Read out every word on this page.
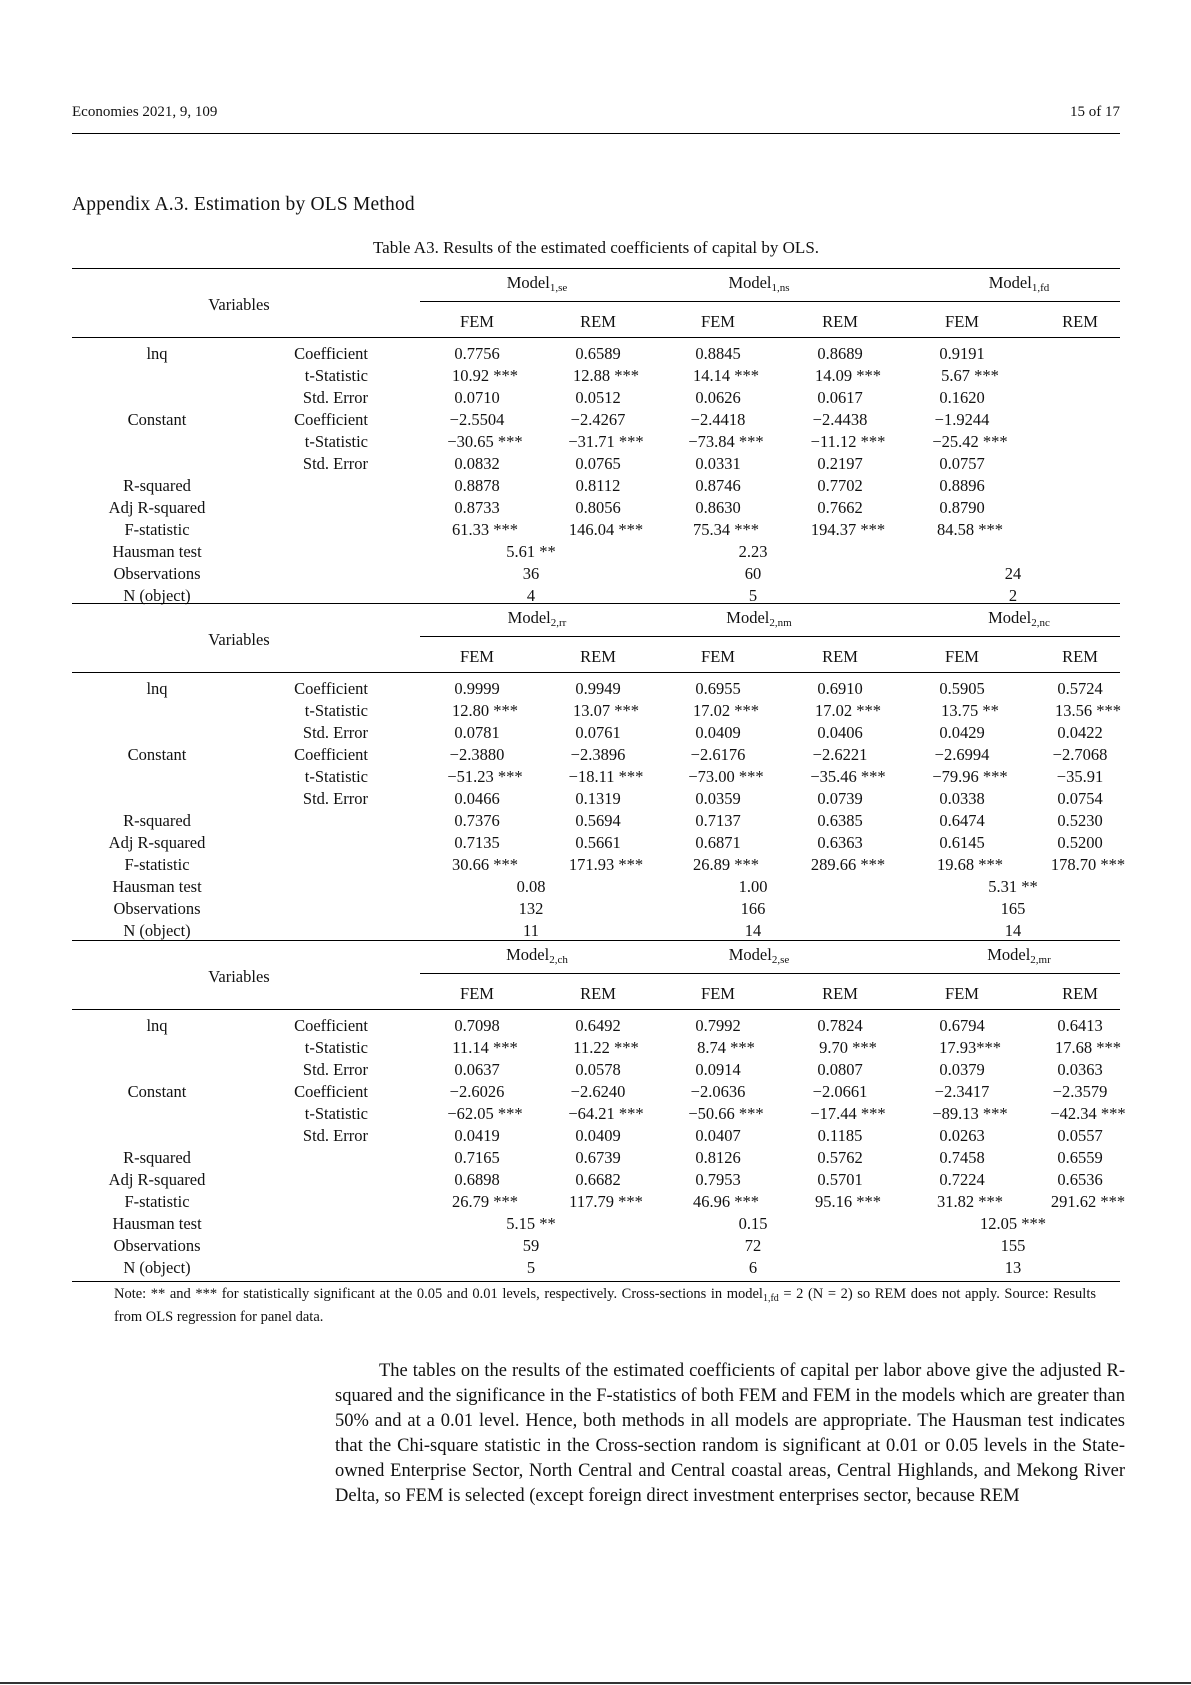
Economies 2021, 9, 109	15 of 17
Appendix A.3. Estimation by OLS Method
Table A3. Results of the estimated coefficients of capital by OLS.
Variables
Model$_{1,se}$	Model$_{1,ns}$	Model$_{1,fd}$
FEM	REM	FEM	REM	FEM	REM
lnq	Coefficient	0.7756	0.6589	0.8845	0.8689	0.9191
t-Statistic	10.92 ***	12.88 ***	14.14 ***	14.09 ***	5.67 ***
Std. Error	0.0710	0.0512	0.0626	0.0617	0.1620
Constant	Coefficient	−2.5504	−2.4267	−2.4418	−2.4438	−1.9244
t-Statistic	−30.65 ***	−31.71 ***	−73.84 ***	−11.12 ***	−25.42 ***
Std. Error	0.0832	0.0765	0.0331	0.2197	0.0757
R-squared	0.8878	0.8112	0.8746	0.7702	0.8896
Adj R-squared	0.8733	0.8056	0.8630	0.7662	0.8790
F-statistic	61.33 ***	146.04 ***	75.34 ***	194.37 ***	84.58 ***
Hausman test	5.61 **	2.23
Observations	36	60	24
N (object)	4	5	2
Variables
Model$_{2,rr}$	Model$_{2,nm}$	Model$_{2,nc}$
FEM	REM	FEM	REM	FEM	REM
lnq	Coefficient	0.9999	0.9949	0.6955	0.6910	0.5905	0.5724
t-Statistic	12.80 ***	13.07 ***	17.02 ***	17.02 ***	13.75 **	13.56 ***
Std. Error	0.0781	0.0761	0.0409	0.0406	0.0429	0.0422
Constant	Coefficient	−2.3880	−2.3896	−2.6176	−2.6221	−2.6994	−2.7068
t-Statistic	−51.23 ***	−18.11 ***	−73.00 ***	−35.46 ***	−79.96 ***	−35.91
Std. Error	0.0466	0.1319	0.0359	0.0739	0.0338	0.0754
R-squared	0.7376	0.5694	0.7137	0.6385	0.6474	0.5230
Adj R-squared	0.7135	0.5661	0.6871	0.6363	0.6145	0.5200
F-statistic	30.66 ***	171.93 ***	26.89 ***	289.66 ***	19.68 ***	178.70 ***
Hausman test	0.08	1.00	5.31 **
Observations	132	166	165
N (object)	11	14	14
Variables
Model$_{2,ch}$	Model$_{2,se}$	Model$_{2,mr}$
FEM	REM	FEM	REM	FEM	REM
lnq	Coefficient	0.7098	0.6492	0.7992	0.7824	0.6794	0.6413
t-Statistic	11.14 ***	11.22 ***	8.74 ***	9.70 ***	17.93***	17.68 ***
Std. Error	0.0637	0.0578	0.0914	0.0807	0.0379	0.0363
Constant	Coefficient	−2.6026	−2.6240	−2.0636	−2.0661	−2.3417	−2.3579
t-Statistic	−62.05 ***	−64.21 ***	−50.66 ***	−17.44 ***	−89.13 ***	−42.34 ***
Std. Error	0.0419	0.0409	0.0407	0.1185	0.0263	0.0557
R-squared	0.7165	0.6739	0.8126	0.5762	0.7458	0.6559
Adj R-squared	0.6898	0.6682	0.7953	0.5701	0.7224	0.6536
F-statistic	26.79 ***	117.79 ***	46.96 ***	95.16 ***	31.82 ***	291.62 ***
Hausman test	5.15 **	0.15	12.05 ***
Observations	59	72	155
N (object)	5	6	13
Note: ** and *** for statistically significant at the 0.05 and 0.01 levels, respectively. Cross-sections in model$_{1,fd}$ = 2 (N = 2) so REM does not apply. Source: Results from OLS regression for panel data.

The tables on the results of the estimated coefficients of capital per labor above give the adjusted R-squared and the significance in the F-statistics of both FEM and FEM in the models which are greater than 50% and at a 0.01 level. Hence, both methods in all models are appropriate. The Hausman test indicates that the Chi-square statistic in the Cross-section random is significant at 0.01 or 0.05 levels in the State-owned Enterprise Sector, North Central and Central coastal areas, Central Highlands, and Mekong River Delta, so FEM is selected (except foreign direct investment enterprises sector, because REM
